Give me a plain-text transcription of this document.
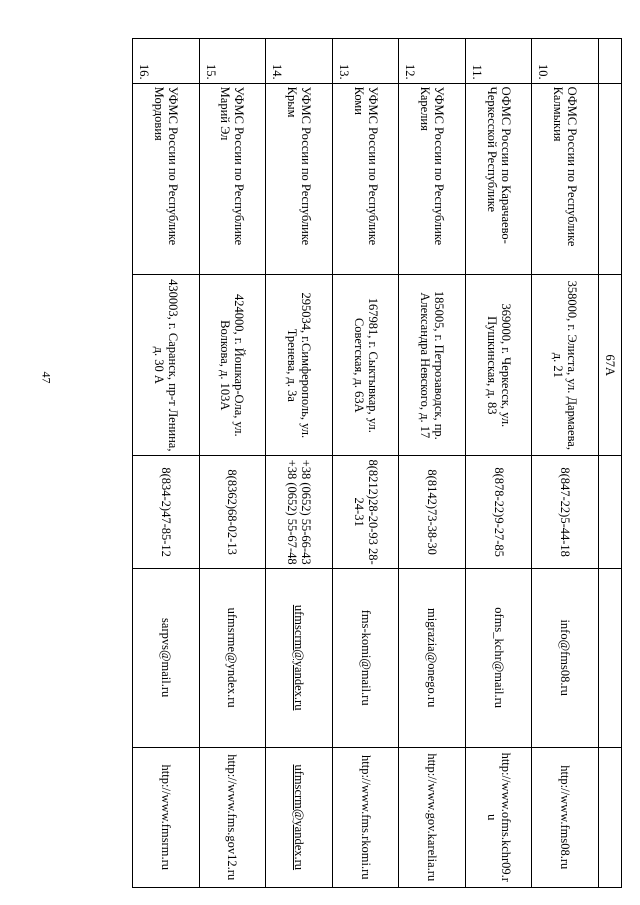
47
		67А			
10.	ОФМС России по Республике Калмыкия	358000, г. Элиста, ул. Дармаева, д. 21	8(847-22)5-44-18	info@fms08.ru	http://www.fms08.ru
11.	ОФМС России по Карачаево-Черкесской Республике	369000, г. Черкесск, ул. Пушкинская, д. 83	8(878-22)9-27-85	ofms_kchr@mail.ru	http://www.ofms.kchr09.ru
12.	УФМС России по Республике Карелия	185005, г. Петрозаводск, пр. Александра Невского, д. 17	8(8142)73-38-30	migrazia@onego.ru	http://www.gov.karelia.ru
13.	УФМС России по Республике Коми	167981, г. Сыктывкар, ул. Советская, д. 63А	8(8212)28-20-93 28-24-31	fms-komi@mail.ru	http://www.fms.rkomi.ru
14.	УФМС России по Республике Крым	295034, г.Симферополь, ул. Тренева, д. 3а	+38 (0652) 55-66-43 +38 (0652) 55-67-48	ufmscrm@yandex.ru	ufmscrm@yandex.ru
15.	УФМС России по Республике Марий Эл	424000, г. Йошкар-Ола, ул. Волкова, д. 103А	8(8362)68-02-13	ufmsrme@yndex.ru	http://www.fms.gov12.ru
16.	УФМС России по Республике Мордовия	430003, г. Саранск, пр-т Ленина, д. 30 А	8(834-2)47-85-12	sarpvs@mail.ru	http://www.fmsrm.ru
